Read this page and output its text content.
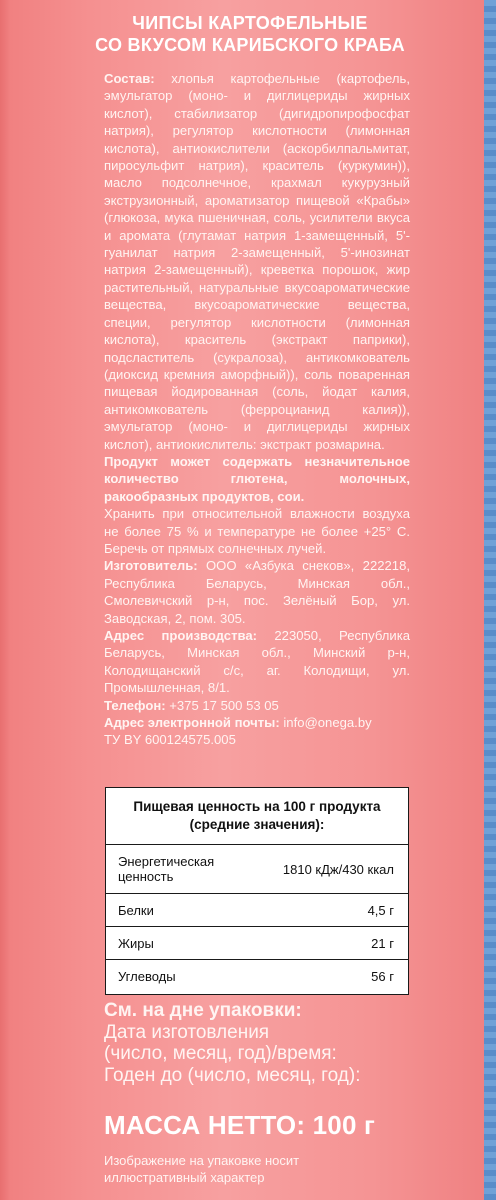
ЧИПСЫ КАРТОФЕЛЬНЫЕ
СО ВКУСОМ КАРИБСКОГО КРАБА

Состав: хлопья картофельные (картофель, эмульгатор (моно- и диглицериды жирных кислот), стабилизатор (дигидропирофосфат натрия), регулятор кислотности (лимонная кислота), антиокислители (аскорбилпальмитат, пиросульфит натрия), краситель (куркумин)), масло подсолнечное, крахмал кукурузный экструзионный, ароматизатор пищевой «Крабы» (глюкоза, мука пшеничная, соль, усилители вкуса и аромата (глутамат натрия 1-замещенный, 5'-гуанилат натрия 2-замещенный, 5'-инозинат натрия 2-замещенный), креветка порошок, жир растительный, натуральные вкусоароматические вещества, вкусоароматические вещества, специи, регулятор кислотности (лимонная кислота), краситель (экстракт паприки), подсластитель (сукралоза), антикомкователь (диоксид кремния аморфный)), соль поваренная пищевая йодированная (соль, йодат калия, антикомкователь (ферроцианид калия)), эмульгатор (моно- и диглицериды жирных кислот), антиокислитель: экстракт розмарина.

Продукт может содержать незначительное количество глютена, молочных, ракообразных продуктов, сои.

Хранить при относительной влажности воздуха не более 75 % и температуре не более +25° С. Беречь от прямых солнечных лучей.

Изготовитель: ООО «Азбука снеков», 222218, Республика Беларусь, Минская обл., Смолевичский р-н, пос. Зелёный Бор, ул. Заводская, 2, пом. 305.

Адрес производства: 223050, Республика Беларусь, Минская обл., Минский р-н, Колодищанский с/с, аг. Колодищи, ул. Промышленная, 8/1.

Телефон: +375 17 500 53 05

Адрес электронной почты: info@onega.by

ТУ BY 600124575.005

Пищевая ценность на 100 г продукта
(средние значения):
Энергетическая
ценность	1810 кДж/430 ккал
Белки	4,5 г
Жиры	21 г
Углеводы	56 г
См. на дне упаковки:
Дата изготовления
(число, месяц, год)/время:
Годен до (число, месяц, год):
МАССА НЕТТО: 100 г
Изображение на упаковке носит
иллюстративный характер
